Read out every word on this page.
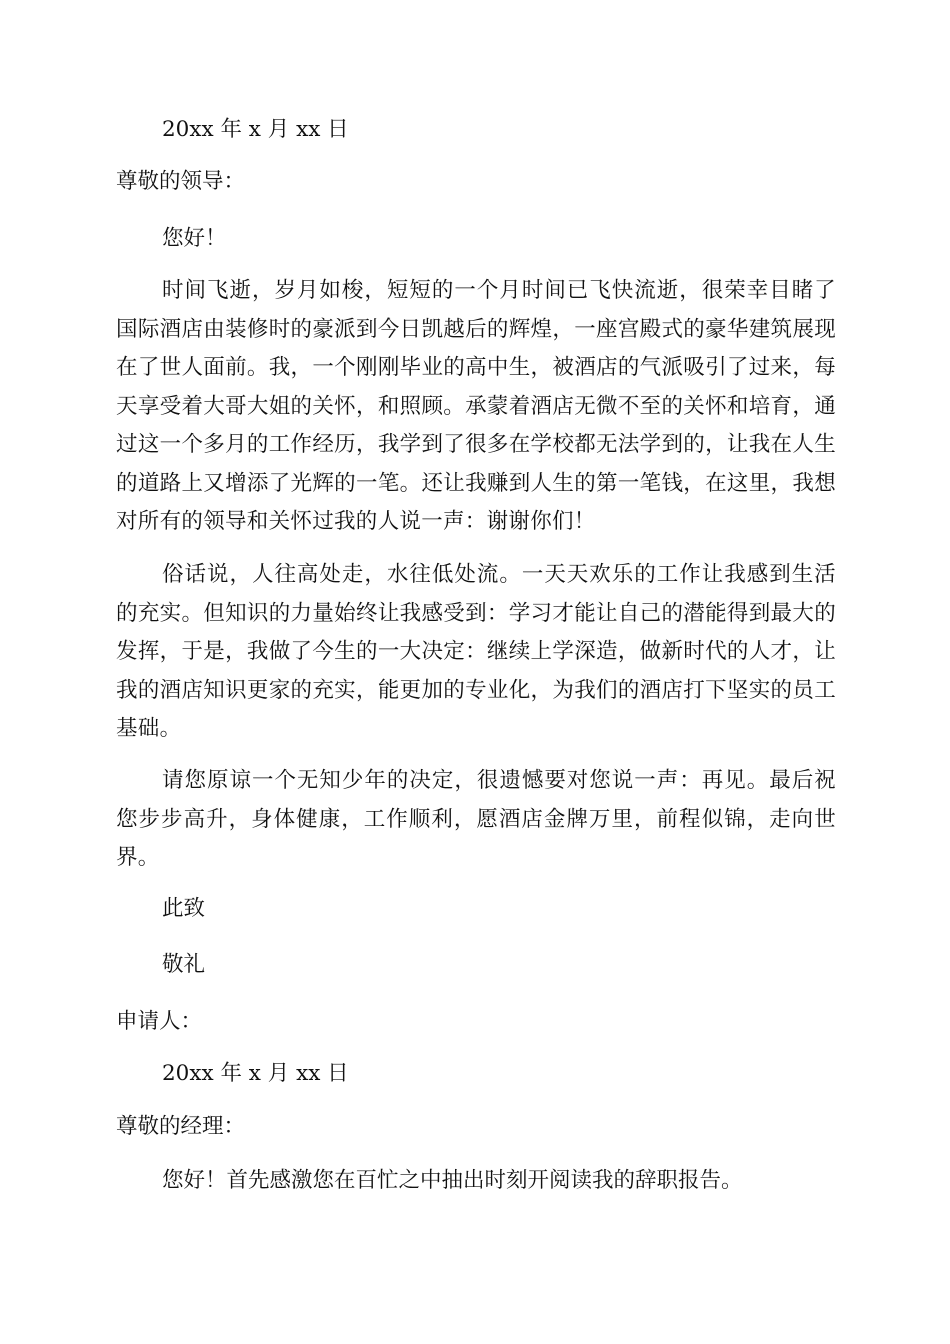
20xx 年 x 月 xx 日
尊敬的领导：
您好！
时间飞逝，岁月如梭，短短的一个月时间已飞快流逝，很荣幸目睹了国际酒店由装修时的豪派到今日凯越后的辉煌，一座宫殿式的豪华建筑展现在了世人面前。我，一个刚刚毕业的高中生，被酒店的气派吸引了过来，每天享受着大哥大姐的关怀，和照顾。承蒙着酒店无微不至的关怀和培育，通过这一个多月的工作经历，我学到了很多在学校都无法学到的，让我在人生的道路上又增添了光辉的一笔。还让我赚到人生的第一笔钱，在这里，我想对所有的领导和关怀过我的人说一声：谢谢你们！
俗话说，人往高处走，水往低处流。一天天欢乐的工作让我感到生活的充实。但知识的力量始终让我感受到：学习才能让自己的潜能得到最大的发挥，于是，我做了今生的一大决定：继续上学深造，做新时代的人才，让我的酒店知识更家的充实，能更加的专业化，为我们的酒店打下坚实的员工基础。
请您原谅一个无知少年的决定，很遗憾要对您说一声：再见。最后祝您步步高升，身体健康，工作顺利，愿酒店金牌万里，前程似锦，走向世界。
此致
敬礼
申请人：
20xx 年 x 月 xx 日
尊敬的经理：
您好！首先感激您在百忙之中抽出时刻开阅读我的辞职报告。
